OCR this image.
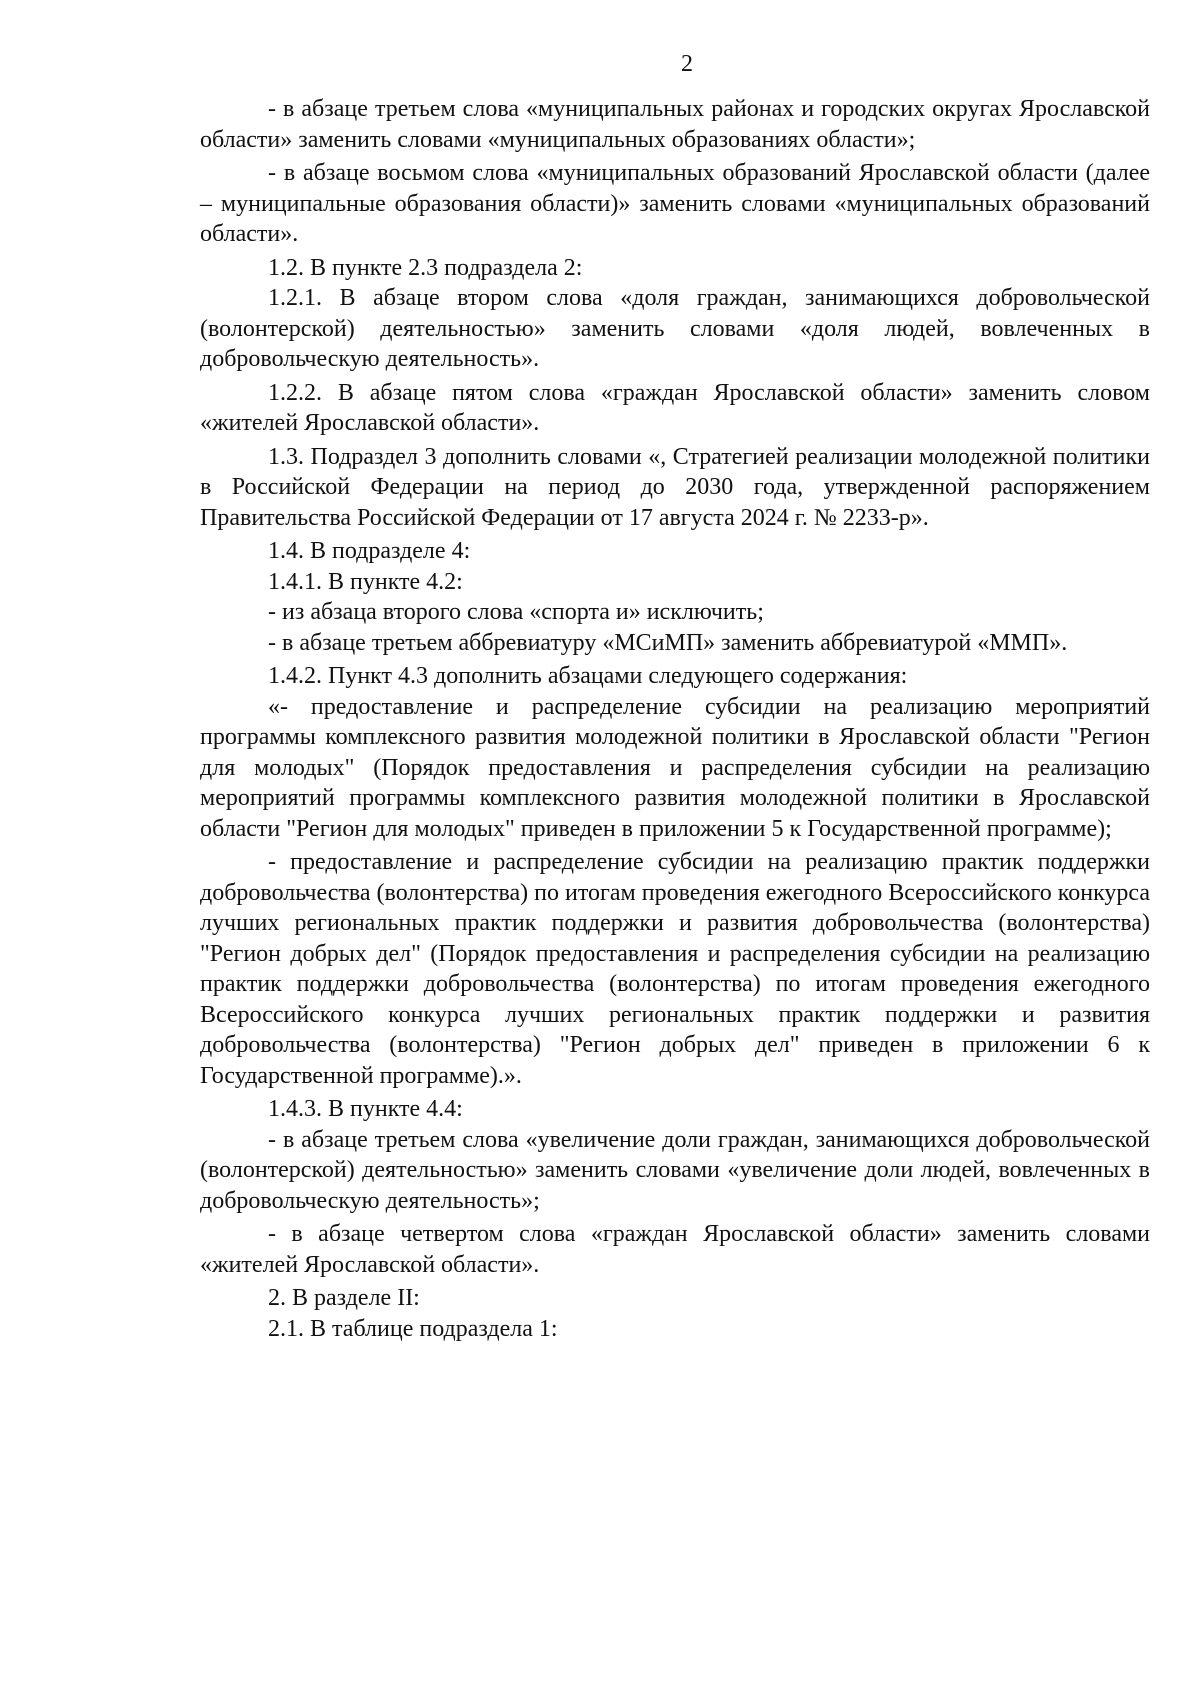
2
- в абзаце третьем слова «муниципальных районах и городских округах Ярославской области» заменить словами «муниципальных образованиях области»;
- в абзаце восьмом слова «муниципальных образований Ярославской области (далее – муниципальные образования области)» заменить словами «муниципальных образований области».
1.2. В пункте 2.3 подраздела 2:
1.2.1. В абзаце втором слова «доля граждан, занимающихся добровольческой (волонтерской) деятельностью» заменить словами «доля людей, вовлеченных в добровольческую деятельность».
1.2.2. В абзаце пятом слова «граждан Ярославской области» заменить словом «жителей Ярославской области».
1.3. Подраздел 3 дополнить словами «, Стратегией реализации молодежной политики в Российской Федерации на период до 2030 года, утвержденной распоряжением Правительства Российской Федерации от 17 августа 2024 г. № 2233-р».
1.4. В подразделе 4:
1.4.1. В пункте 4.2:
- из абзаца второго слова «спорта и» исключить;
- в абзаце третьем аббревиатуру «МСиМП» заменить аббревиатурой «ММП».
1.4.2. Пункт 4.3 дополнить абзацами следующего содержания:
«- предоставление и распределение субсидии на реализацию мероприятий программы комплексного развития молодежной политики в Ярославской области "Регион для молодых" (Порядок предоставления и распределения субсидии на реализацию мероприятий программы комплексного развития молодежной политики в Ярославской области "Регион для молодых" приведен в приложении 5 к Государственной программе);
- предоставление и распределение субсидии на реализацию практик поддержки добровольчества (волонтерства) по итогам проведения ежегодного Всероссийского конкурса лучших региональных практик поддержки и развития добровольчества (волонтерства) "Регион добрых дел" (Порядок предоставления и распределения субсидии на реализацию практик поддержки добровольчества (волонтерства) по итогам проведения ежегодного Всероссийского конкурса лучших региональных практик поддержки и развития добровольчества (волонтерства) "Регион добрых дел" приведен в приложении 6 к Государственной программе).».
1.4.3. В пункте 4.4:
- в абзаце третьем слова «увеличение доли граждан, занимающихся добровольческой (волонтерской) деятельностью» заменить словами «увеличение доли людей, вовлеченных в добровольческую деятельность»;
- в абзаце четвертом слова «граждан Ярославской области» заменить словами «жителей Ярославской области».
2. В разделе II:
2.1. В таблице подраздела 1:
